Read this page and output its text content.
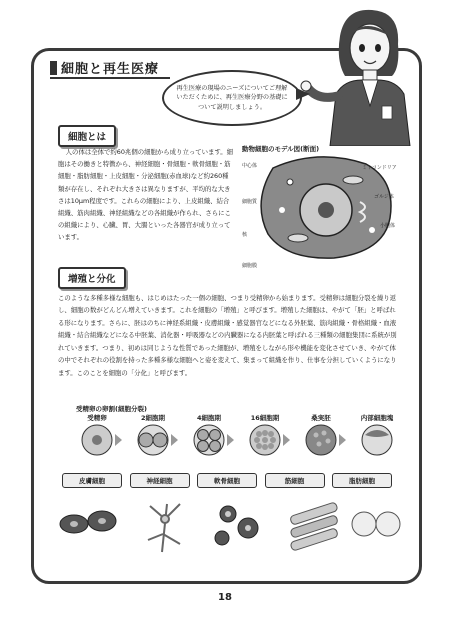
細胞と再生医療
再生医療の現場のニーズについてご理解いただくために、再生医療分野の基礎について説明しましょう。
細胞とは
人の体は全体で約60兆個の細胞から成り立っています。細胞はその働きと特徴から、神経細胞・骨細胞・軟骨細胞・筋細胞・脂肪細胞・上皮細胞・分泌細胞(赤血球)など約260種類が存在し、それぞれ大きさは異なりますが、平均的な大きさは10μm程度です。これらの細胞により、上皮組織、結合組織、筋肉組織、神経組織などの各組織が作られ、さらにこの組織により、心臓、胃、大腸といった各器官が成り立っています。
動物細胞のモデル図(断面)
中心体	ミトコンドリア
ゴルジ体
小胞体
細胞質
核
細胞膜
増殖と分化
このような多種多様な細胞も、はじめはたった一個の細胞、つまり受精卵から始まります。受精卵は細胞分裂を繰り返し、細胞の数がどんどん増えていきます。これを細胞の「増殖」と呼びます。増殖した細胞は、やがて「胚」と呼ばれる形になります。さらに、胚はのちに神経系組織・皮膚組織・感覚器官などになる外胚葉、筋肉組織・骨格組織・血液組織・結合組織などになる中胚葉、消化器・呼吸器などの内臓器になる内胚葉と呼ばれる三種類の細胞集団に系統が別れていきます。つまり、初めは同じような性質であった細胞が、増殖をしながら形や機能を変化させていき、やがて体の中でそれぞれの役割を持った多種多様な細胞へと姿を変えて、集まって組織を作り、仕事を分担していくようになります。このことを細胞の「分化」と呼びます。
受精卵の卵割(細胞分裂)
受精卵	2細胞期	4細胞期	16細胞期	桑実胚	内部細胞塊
皮膚細胞	神経細胞	軟骨細胞	筋細胞	脂肪細胞
18
